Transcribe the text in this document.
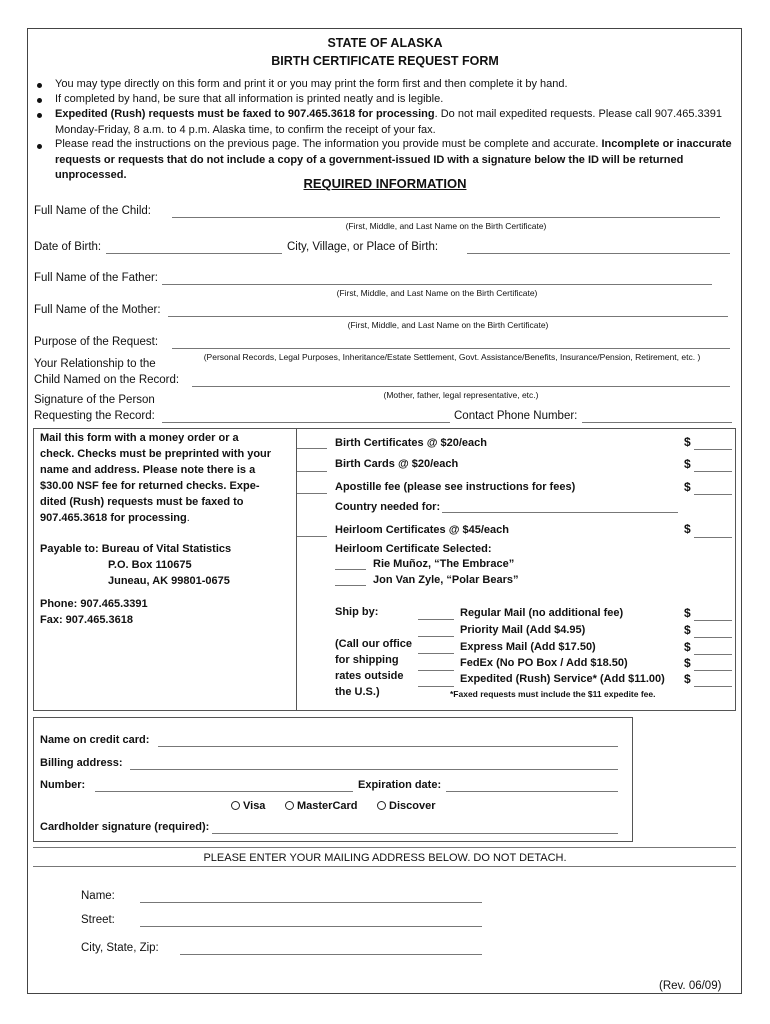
STATE OF ALASKA
BIRTH CERTIFICATE REQUEST FORM
You may type directly on this form and print it or you may print the form first and then complete it by hand.
If completed by hand, be sure that all information is printed neatly and is legible.
Expedited (Rush) requests must be faxed to 907.465.3618 for processing. Do not mail expedited requests. Please call 907.465.3391 Monday-Friday, 8 a.m. to 4 p.m. Alaska time, to confirm the receipt of your fax.
Please read the instructions on the previous page. The information you provide must be complete and accurate. Incomplete or inaccurate requests or requests that do not include a copy of a government-issued ID with a signature below the ID will be returned unprocessed.
REQUIRED INFORMATION
Full Name of the Child:
(First, Middle, and Last Name on the Birth Certificate)
Date of Birth:	City, Village, or Place of Birth:
Full Name of the Father:
(First, Middle, and Last Name on the Birth Certificate)
Full Name of the Mother:
(First, Middle, and Last Name on the Birth Certificate)
Purpose of the Request:
(Personal Records, Legal Purposes, Inheritance/Estate Settlement, Govt. Assistance/Benefits, Insurance/Pension, Retirement, etc. )
Your Relationship to the
Child Named on the Record:
(Mother, father, legal representative, etc.)
Signature of the Person
Requesting the Record:	Contact Phone Number:
Mail this form with a money order or a
check. Checks must be preprinted with your
name and address. Please note there is a
$30.00 NSF fee for returned checks. Expe-
dited (Rush) requests must be faxed to
907.465.3618 for processing.
Payable to: Bureau of Vital Statistics
P.O. Box 110675
Juneau, AK 99801-0675
Phone: 907.465.3391
Fax: 907.465.3618
Birth Certificates @ $20/each	$
Birth Cards @ $20/each	$
Apostille fee (please see instructions for fees)	$
Country needed for:
Heirloom Certificates @ $45/each	$
Heirloom Certificate Selected:
Rie Muñoz, “The Embrace”
Jon Van Zyle, “Polar Bears”
Ship by:
(Call our office
for shipping
rates outside
the U.S.)
Regular Mail (no additional fee)	$
Priority Mail (Add $4.95)	$
Express Mail (Add $17.50)	$
FedEx (No PO Box / Add $18.50)	$
Expedited (Rush) Service* (Add $11.00) $
*Faxed requests must include the $11 expedite fee.
Name on credit card:
Billing address:
Number:	Expiration date:
Visa	MasterCard	Discover
Cardholder signature (required):
PLEASE ENTER YOUR MAILING ADDRESS BELOW. DO NOT DETACH.
Name:
Street:
City, State, Zip:
(Rev. 06/09)
